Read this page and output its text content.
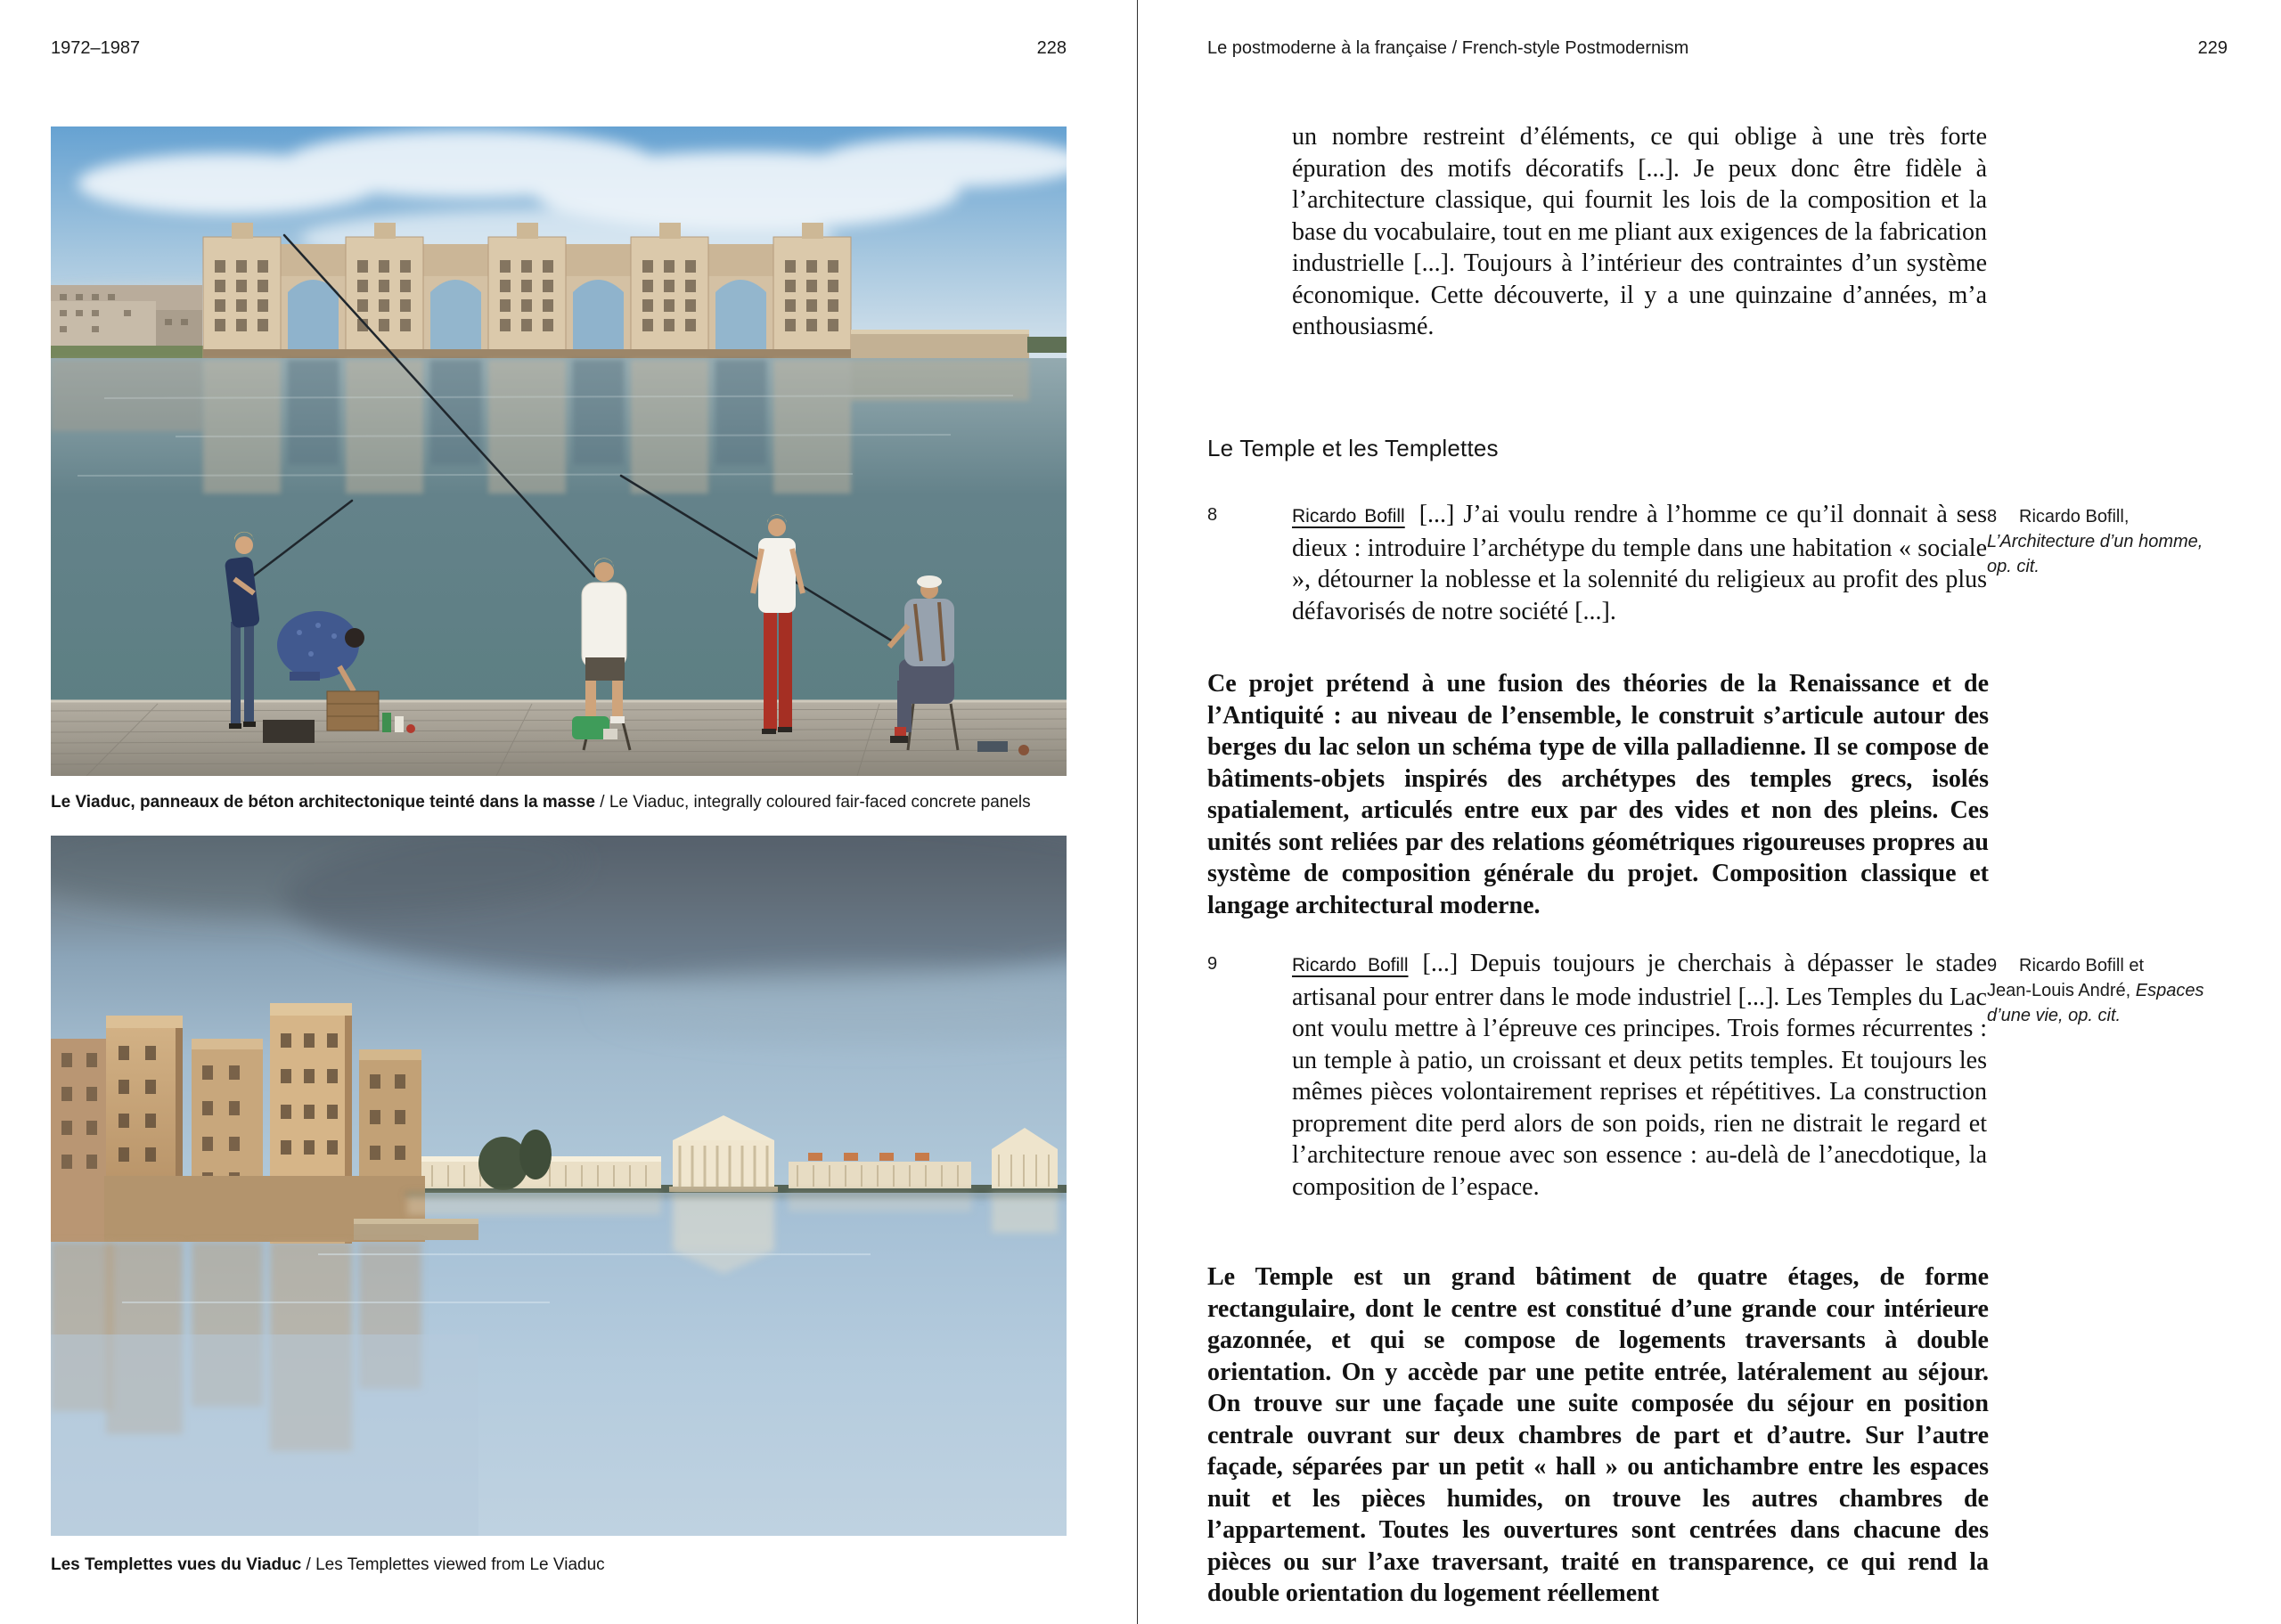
1972–1987	228
Le Viaduc, panneaux de béton architectonique teinté dans la masse / Le Viaduc, integrally coloured fair-faced concrete panels
Les Templettes vues du Viaduc / Les Templettes viewed from Le Viaduc
Le postmoderne à la française / French-style Postmodernism	229
un nombre restreint d’éléments, ce qui oblige à une très forte épuration des motifs décoratifs [...]. Je peux donc être fidèle à l’architecture classique, qui fournit les lois de la composition et la base du vocabulaire, tout en me pliant aux exigences de la fabrication industrielle [...]. Toujours à l’intérieur des contraintes d’un système économique. Cette découverte, il y a une quinzaine d’années, m’a enthousiasmé.
Le Temple et les Templettes
8	Ricardo Bofill [...] J’ai voulu rendre à l’homme ce qu’il donnait à ses dieux : introduire l’archétype du temple dans une habitation « sociale », détourner la noblesse et la solennité du religieux au profit des plus défavorisés de notre société [...].
8 Ricardo Bofill,
L’Architecture d’un homme,
op. cit.
Ce projet prétend à une fusion des théories de la Renaissance et de l’Antiquité : au niveau de l’ensemble, le construit s’articule autour des berges du lac selon un schéma type de villa palladienne. Il se compose de bâtiments-objets inspirés des archétypes des temples grecs, isolés spatialement, articulés entre eux par des vides et non des pleins. Ces unités sont reliées par des relations géométriques rigoureuses propres au système de composition générale du projet. Composition classique et langage architectural moderne.
9	Ricardo Bofill [...] Depuis toujours je cherchais à dépasser le stade artisanal pour entrer dans le mode industriel [...]. Les Temples du Lac ont voulu mettre à l’épreuve ces principes. Trois formes récurrentes : un temple à patio, un croissant et deux petits temples. Et toujours les mêmes pièces volontairement reprises et répétitives. La construction proprement dite perd alors de son poids, rien ne distrait le regard et l’architecture renoue avec son essence : au-delà de l’anecdotique, la composition de l’espace.
9 Ricardo Bofill et
Jean-Louis André, Espaces
d’une vie, op. cit.
Le Temple est un grand bâtiment de quatre étages, de forme rectangulaire, dont le centre est constitué d’une grande cour intérieure gazonnée, et qui se compose de logements traversants à double orientation. On y accède par une petite entrée, latéralement au séjour. On trouve sur une façade une suite composée du séjour en position centrale ouvrant sur deux chambres de part et d’autre. Sur l’autre façade, séparées par un petit « hall » ou antichambre entre les espaces nuit et les pièces humides, on trouve les autres chambres de l’appartement. Toutes les ouvertures sont centrées dans chacune des pièces ou sur l’axe traversant, traité en transparence, ce qui rend la double orientation du logement réellement
